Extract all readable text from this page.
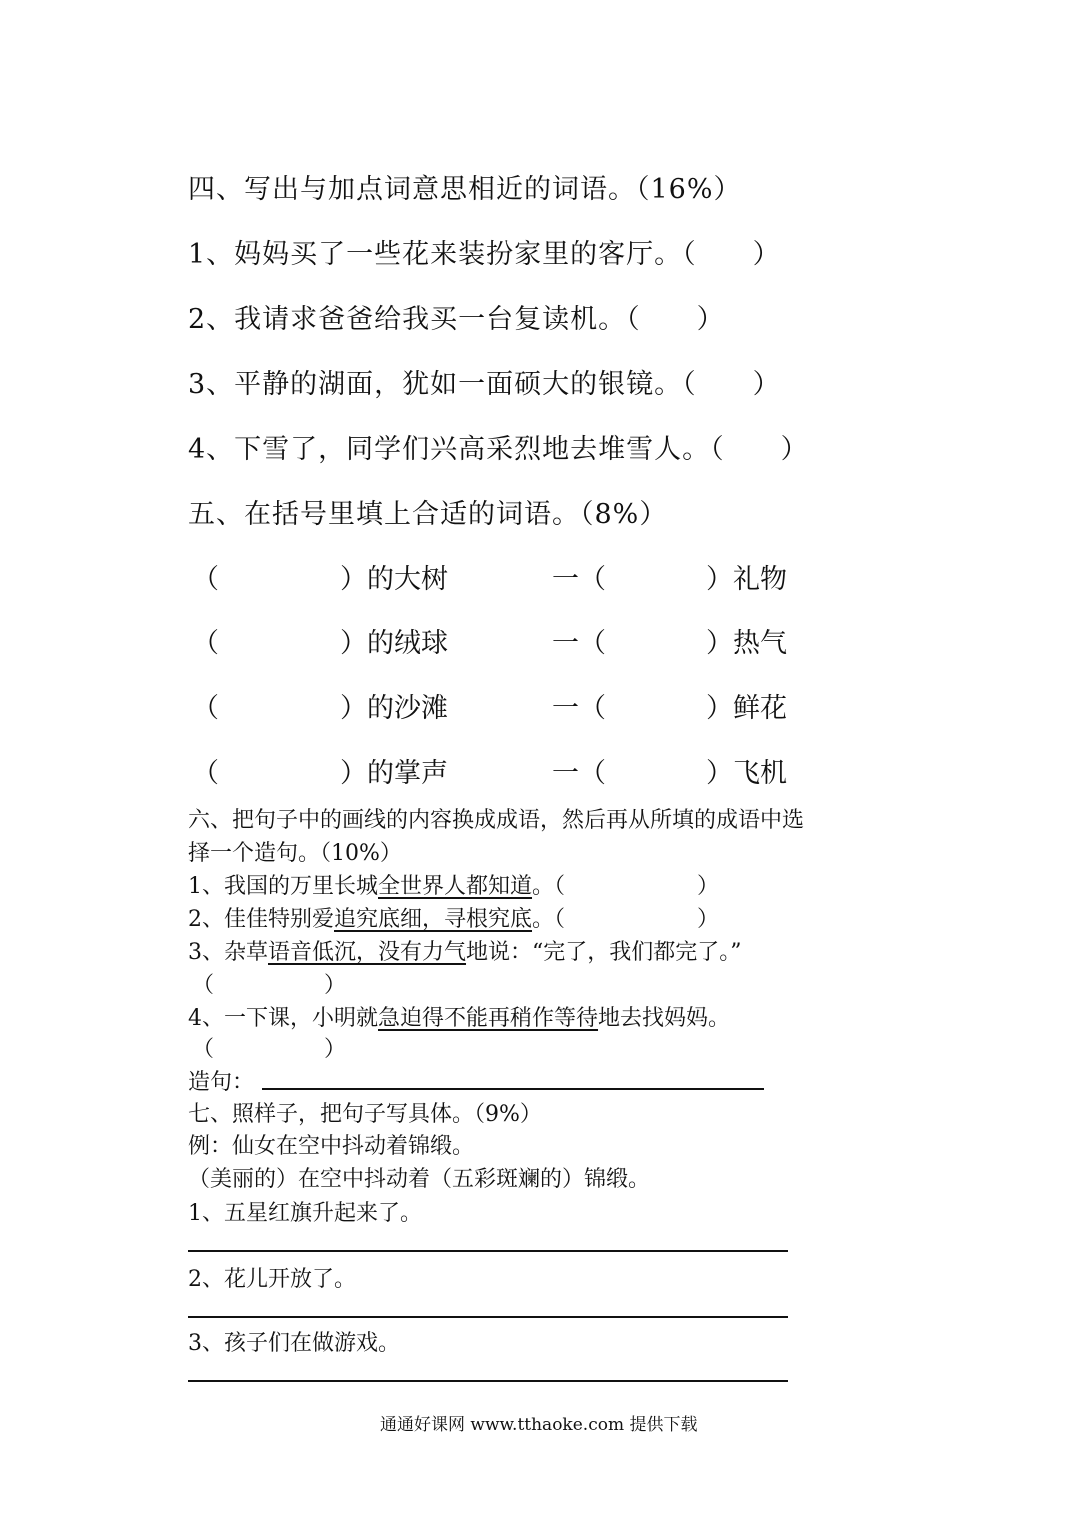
四、写出与加点词意思相近的词语。（16%）
1、妈妈买了一些花来装扮家里的客厅。（　　）
2、我请求爸爸给我买一台复读机。（　　）
3、平静的湖面，犹如一面硕大的银镜。（　　）
4、下雪了，同学们兴高采烈地去堆雪人。（　　）
五、在括号里填上合适的词语。（8%）
（	）的大树	一（	）礼物
（	）的绒球	一（	）热气
（	）的沙滩	一（	）鲜花
（	）的掌声	一（	）飞机
六、把句子中的画线的内容换成成语，然后再从所填的成语中选
择一个造句。（10%）
1、我国的万里长城全世界人都知道。（　　　　　　）
2、佳佳特别爱追究底细，寻根究底。（　　　　　　）
3、杂草语音低沉，没有力气地说：“完了，我们都完了。”
（　　　　　）
4、一下课，小明就急迫得不能再稍作等待地去找妈妈。
（　　　　　）
造句：
七、照样子，把句子写具体。（9%）
例：仙女在空中抖动着锦缎。
（美丽的）在空中抖动着（五彩斑斓的）锦缎。
1、五星红旗升起来了。
2、花儿开放了。
3、孩子们在做游戏。
通通好课网 www.tthaoke.com 提供下载
